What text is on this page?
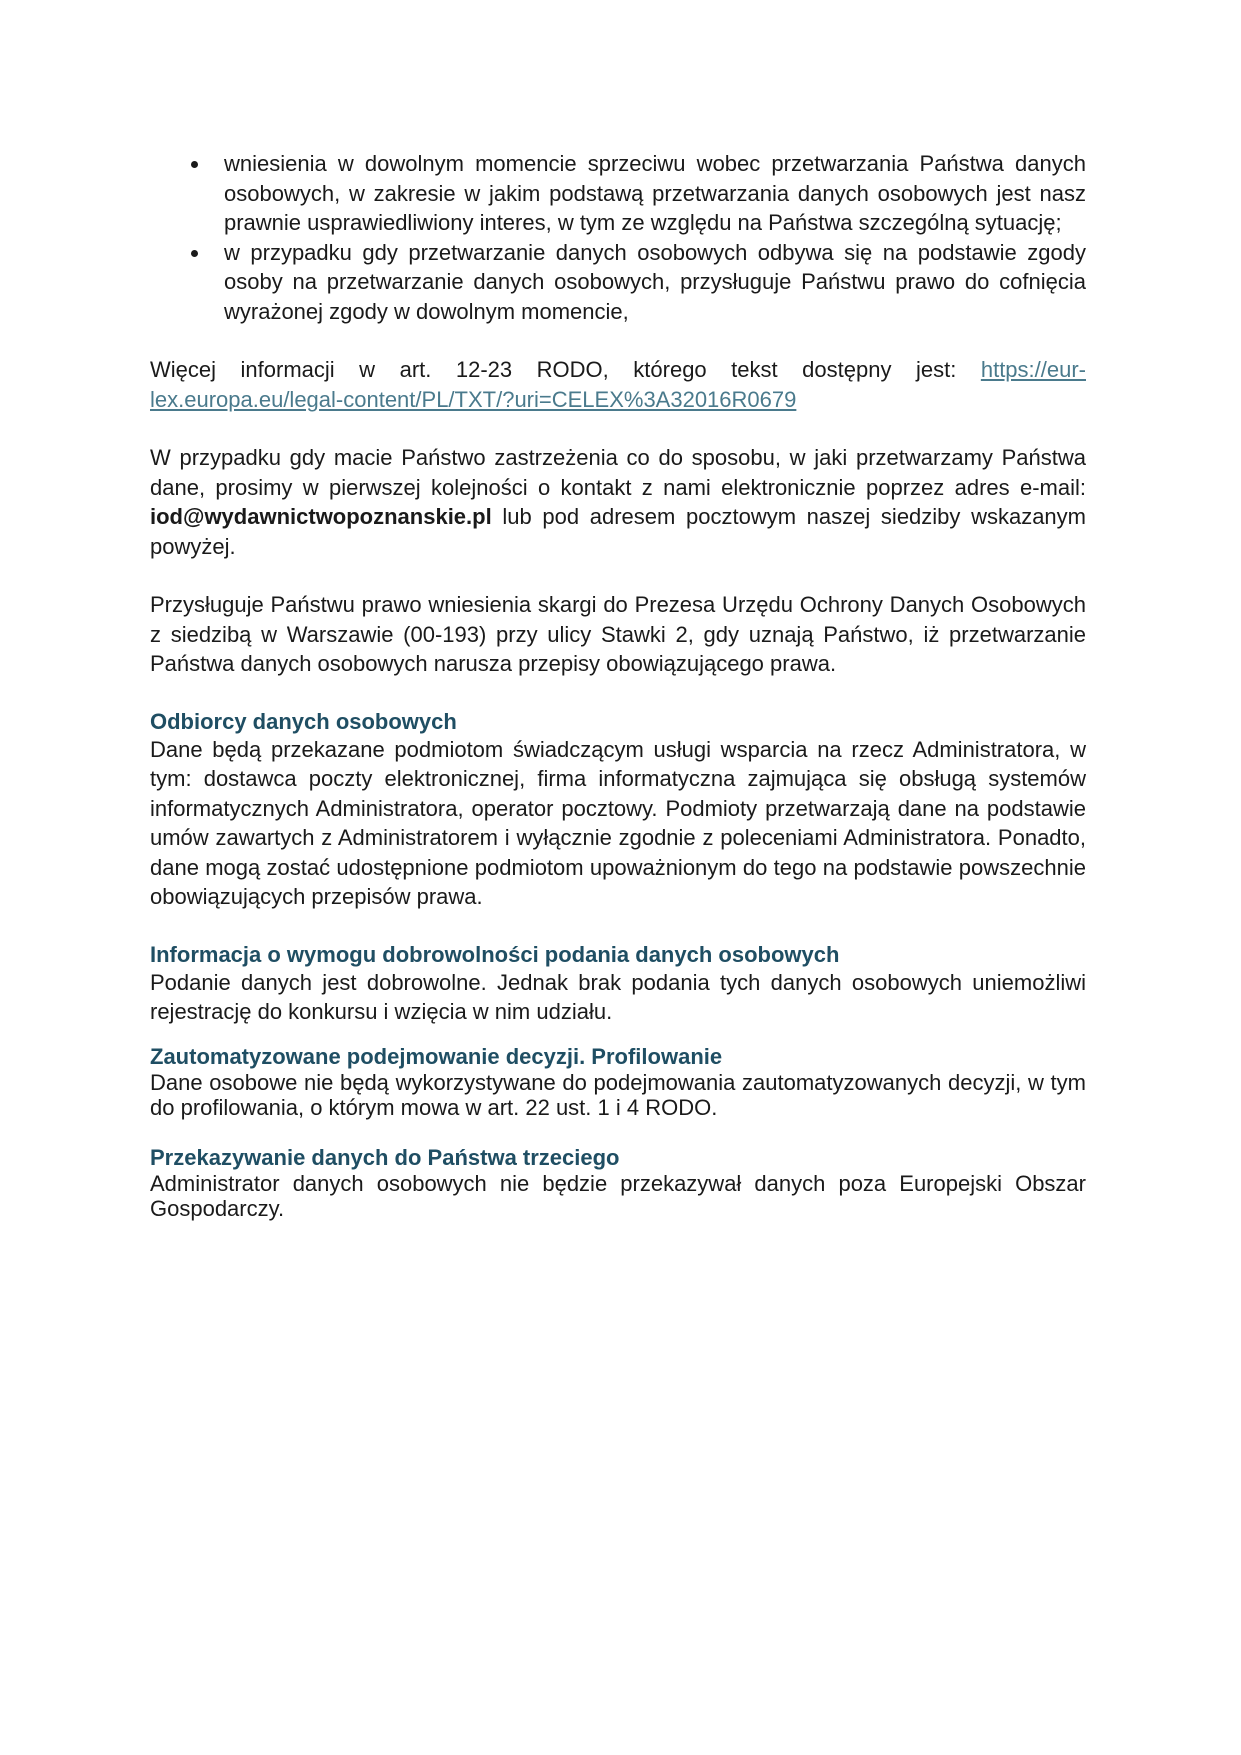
wniesienia w dowolnym momencie sprzeciwu wobec przetwarzania Państwa danych osobowych, w zakresie w jakim podstawą przetwarzania danych osobowych jest nasz prawnie usprawiedliwiony interes, w tym ze względu na Państwa szczególną sytuację;
w przypadku gdy przetwarzanie danych osobowych odbywa się na podstawie zgody osoby na przetwarzanie danych osobowych, przysługuje Państwu prawo do cofnięcia wyrażonej zgody w dowolnym momencie,

Więcej informacji w art. 12-23 RODO, którego tekst dostępny jest: https://eur-lex.europa.eu/legal-content/PL/TXT/?uri=CELEX%3A32016R0679

W przypadku gdy macie Państwo zastrzeżenia co do sposobu, w jaki przetwarzamy Państwa dane, prosimy w pierwszej kolejności o kontakt z nami elektronicznie poprzez adres e-mail: iod@wydawnictwopoznanskie.pl lub pod adresem pocztowym naszej siedziby wskazanym powyżej.

Przysługuje Państwu prawo wniesienia skargi do Prezesa Urzędu Ochrony Danych Osobowych z siedzibą w Warszawie (00-193) przy ulicy Stawki 2, gdy uznają Państwo, iż przetwarzanie Państwa danych osobowych narusza przepisy obowiązującego prawa.

Odbiorcy danych osobowych

Dane będą przekazane podmiotom świadczącym usługi wsparcia na rzecz Administratora, w tym: dostawca poczty elektronicznej, firma informatyczna zajmująca się obsługą systemów informatycznych Administratora, operator pocztowy. Podmioty przetwarzają dane na podstawie umów zawartych z Administratorem i wyłącznie zgodnie z poleceniami Administratora. Ponadto, dane mogą zostać udostępnione podmiotom upoważnionym do tego na podstawie powszechnie obowiązujących przepisów prawa.

Informacja o wymogu dobrowolności podania danych osobowych

Podanie danych jest dobrowolne. Jednak brak podania tych danych osobowych uniemożliwi rejestrację do konkursu i wzięcia w nim udziału.

Zautomatyzowane podejmowanie decyzji. Profilowanie

Dane osobowe nie będą wykorzystywane do podejmowania zautomatyzowanych decyzji, w tym do profilowania, o którym mowa w art. 22 ust. 1 i 4 RODO.

Przekazywanie danych do Państwa trzeciego

Administrator danych osobowych nie będzie przekazywał danych poza Europejski Obszar Gospodarczy.
